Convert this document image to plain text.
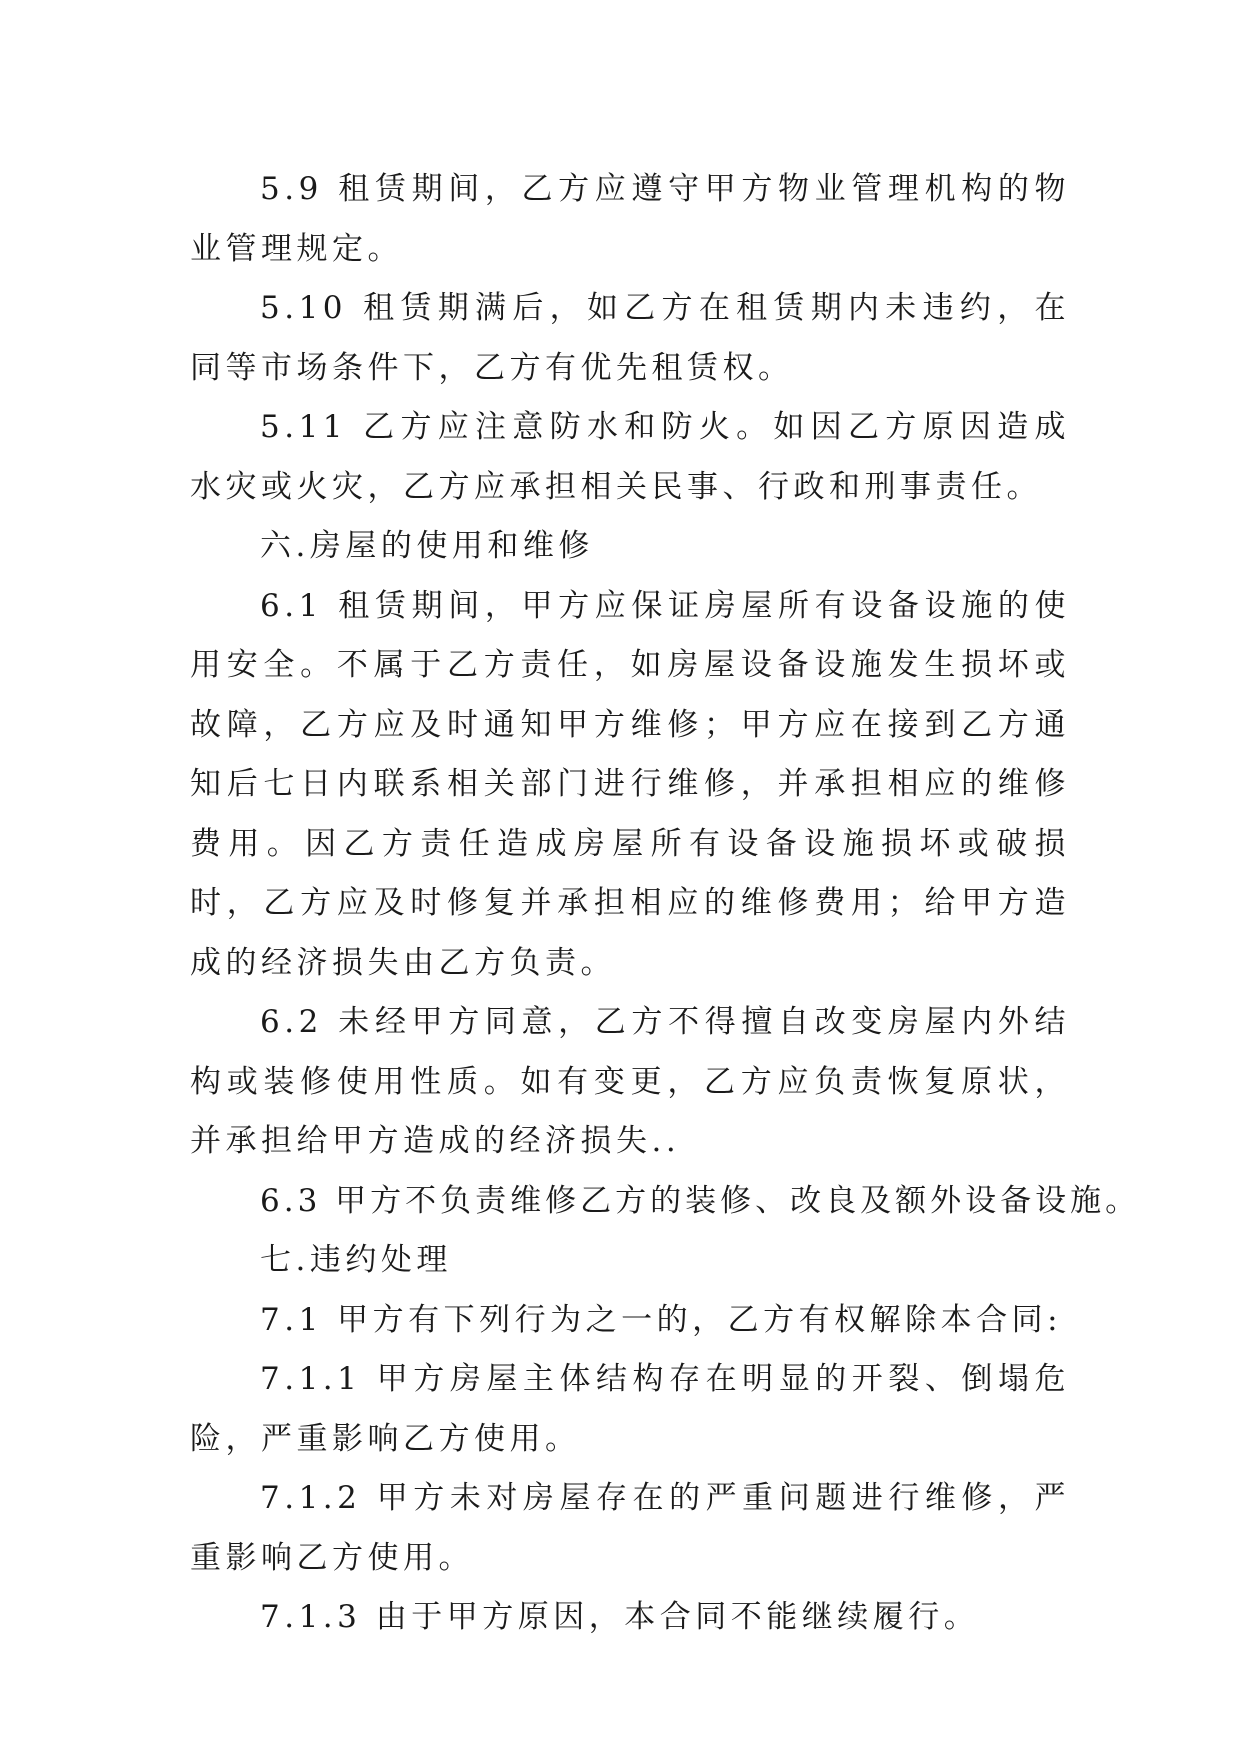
5.9 租赁期间，乙方应遵守甲方物业管理机构的物业管理规定。

5.10 租赁期满后，如乙方在租赁期内未违约，在同等市场条件下，乙方有优先租赁权。

5.11 乙方应注意防水和防火。如因乙方原因造成水灾或火灾，乙方应承担相关民事、行政和刑事责任。

六.房屋的使用和维修

6.1 租赁期间，甲方应保证房屋所有设备设施的使用安全。不属于乙方责任，如房屋设备设施发生损坏或故障，乙方应及时通知甲方维修；甲方应在接到乙方通知后七日内联系相关部门进行维修，并承担相应的维修费用。因乙方责任造成房屋所有设备设施损坏或破损时，乙方应及时修复并承担相应的维修费用；给甲方造成的经济损失由乙方负责。

6.2 未经甲方同意，乙方不得擅自改变房屋内外结构或装修使用性质。如有变更，乙方应负责恢复原状，并承担给甲方造成的经济损失..

6.3 甲方不负责维修乙方的装修、改良及额外设备设施。

七.违约处理

7.1 甲方有下列行为之一的，乙方有权解除本合同:

7.1.1 甲方房屋主体结构存在明显的开裂、倒塌危险，严重影响乙方使用。

7.1.2 甲方未对房屋存在的严重问题进行维修，严重影响乙方使用。

7.1.3 由于甲方原因，本合同不能继续履行。
